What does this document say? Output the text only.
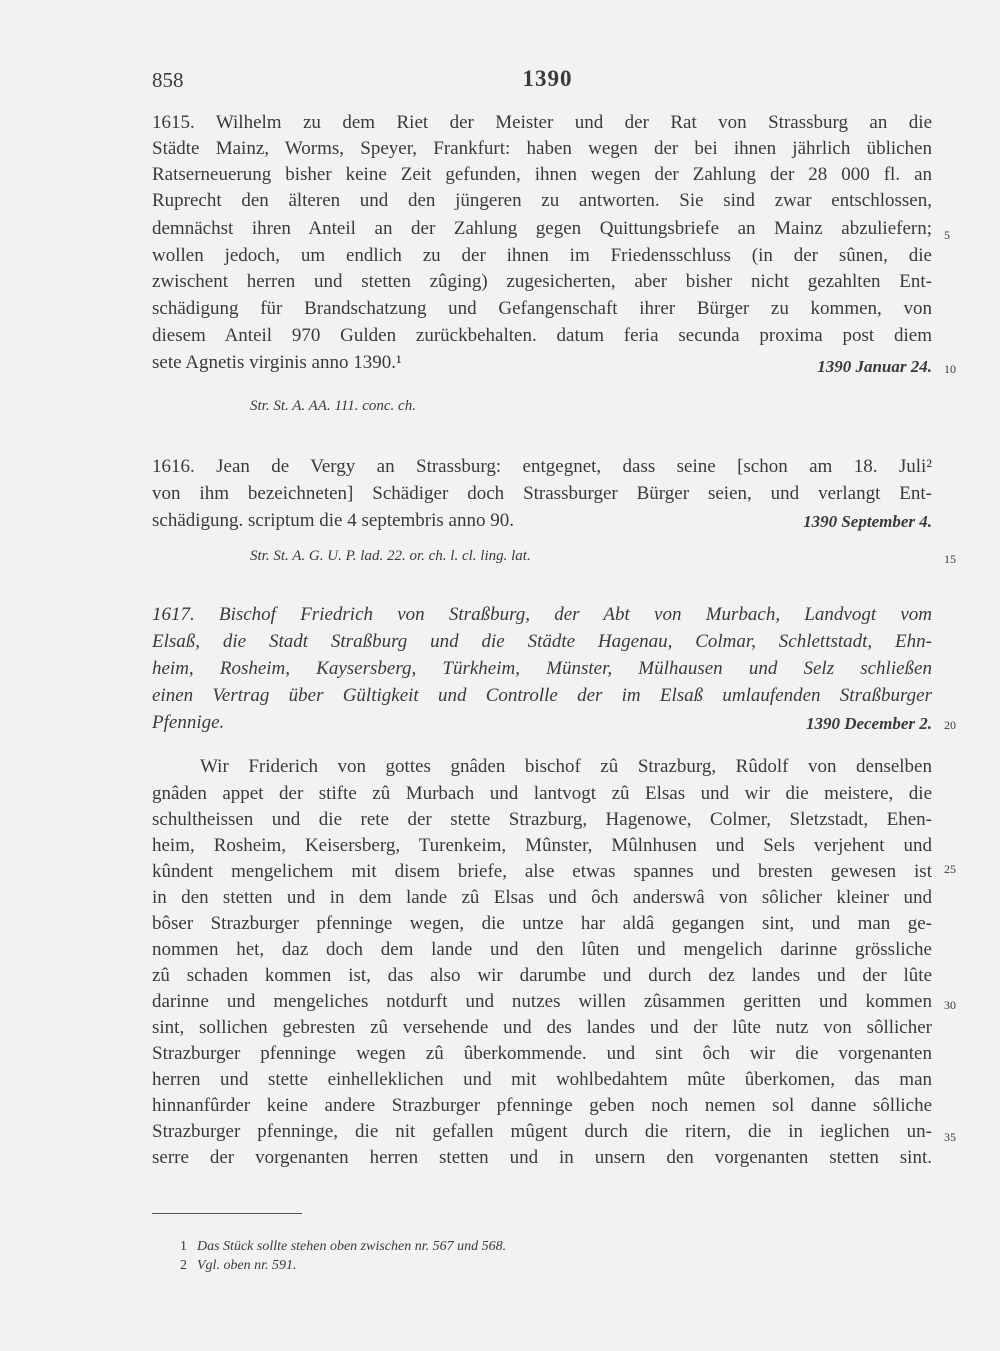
858	1390
1615. Wilhelm zu dem Riet der Meister und der Rat von Strassburg an die
Städte Mainz, Worms, Speyer, Frankfurt: haben wegen der bei ihnen jährlich üblichen
Ratserneuerung bisher keine Zeit gefunden, ihnen wegen der Zahlung der 28 000 fl. an
Ruprecht den älteren und den jüngeren zu antworten. Sie sind zwar entschlossen,
demnächst ihren Anteil an der Zahlung gegen Quittungsbriefe an Mainz abzuliefern;
wollen jedoch, um endlich zu der ihnen im Friedensschluss (in der sûnen, die
zwischent herren und stetten zûging) zugesicherten, aber bisher nicht gezahlten Ent-
schädigung für Brandschatzung und Gefangenschaft ihrer Bürger zu kommen, von
diesem Anteil 970 Gulden zurückbehalten. datum feria secunda proxima post diem
sete Agnetis virginis anno 1390.¹	1390 Januar 24.
Str. St. A. AA. 111. conc. ch.
1616. Jean de Vergy an Strassburg: entgegnet, dass seine [schon am 18. Juli²
von ihm bezeichneten] Schädiger doch Strassburger Bürger seien, und verlangt Ent-
schädigung. scriptum die 4 septembris anno 90.	1390 September 4.
Str. St. A. G. U. P. lad. 22. or. ch. l. cl. ling. lat.
1617. Bischof Friedrich von Straßburg, der Abt von Murbach, Landvogt vom
Elsaß, die Stadt Straßburg und die Städte Hagenau, Colmar, Schlettstadt, Ehn-
heim, Rosheim, Kaysersberg, Türkheim, Münster, Mülhausen und Selz schließen
einen Vertrag über Gültigkeit und Controlle der im Elsaß umlaufenden Straßburger
Pfennige.	1390 December 2.
Wir Friderich von gottes gnâden bischof zû Strazburg, Rûdolf von denselben
gnâden appet der stifte zû Murbach und lantvogt zû Elsas und wir die meistere, die
schultheissen und die rete der stette Strazburg, Hagenowe, Colmer, Sletzstadt, Ehen-
heim, Rosheim, Keisersberg, Turenkeim, Mûnster, Mûlnhusen und Sels verjehent und
kûndent mengelichem mit disem briefe, alse etwas spannes und bresten gewesen ist
in den stetten und in dem lande zû Elsas und ôch anderswâ von sôlicher kleiner und
bôser Strazburger pfenninge wegen, die untze har aldâ gegangen sint, und man ge-
nommen het, daz doch dem lande und den lûten und mengelich darinne grössliche
zû schaden kommen ist, das also wir darumbe und durch dez landes und der lûte
darinne und mengeliches notdurft und nutzes willen zûsammen geritten und kommen
sint, sollichen gebresten zû versehende und des landes und der lûte nutz von sôllicher
Strazburger pfenninge wegen zû ûberkommende. und sint ôch wir die vorgenanten
herren und stette einhelleklichen und mit wohlbedahtem mûte ûberkomen, das man
hinnanfûrder keine andere Strazburger pfenninge geben noch nemen sol danne sôlliche
Strazburger pfenninge, die nit gefallen mûgent durch die ritern, die in ieglichen un-
serre der vorgenanten herren stetten und in unsern den vorgenanten stetten sint.
5
10
15
20
25
30
35
1 Das Stück sollte stehen oben zwischen nr. 567 und 568.
2 Vgl. oben nr. 591.
